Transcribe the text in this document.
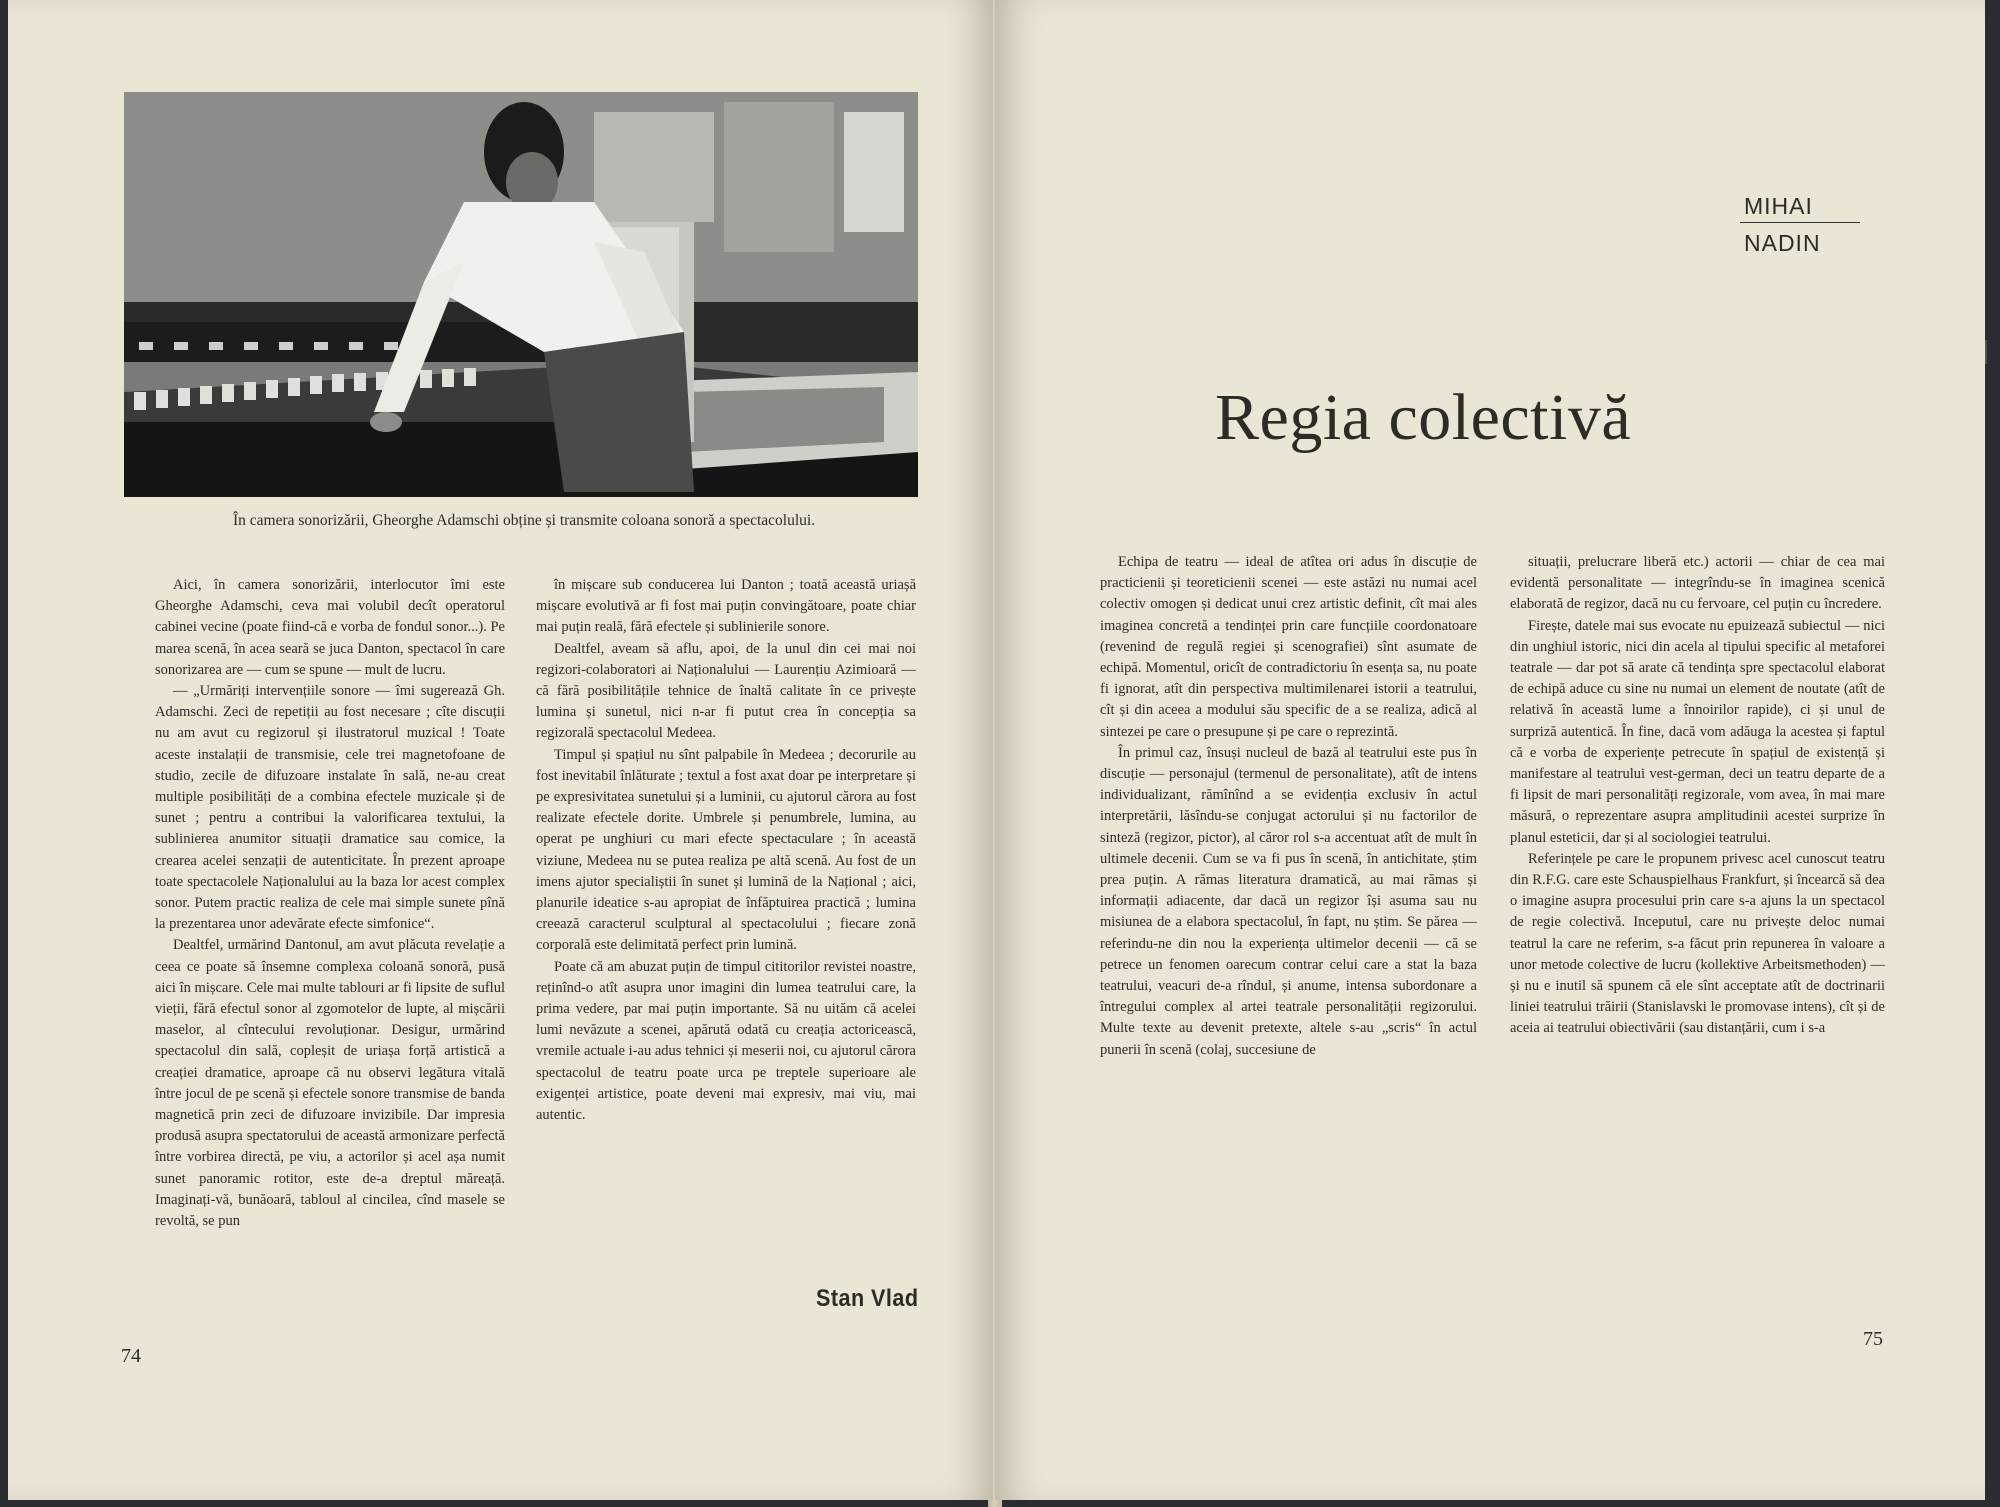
În camera sonorizării, Gheorghe Adamschi obține și transmite coloana sonoră a spectacolului.

Aici, în camera sonorizării, interlocutor îmi este Gheorghe Adamschi, ceva mai volubil decît operatorul cabinei vecine (poate fiind-că e vorba de fondul sonor...). Pe marea scenă, în acea seară se juca Danton, spectacol în care sonorizarea are — cum se spune — mult de lucru.

— „Urmăriți intervențiile sonore — îmi sugerează Gh. Adamschi. Zeci de repetiții au fost necesare ; cîte discuții nu am avut cu regizorul și ilustratorul muzical ! Toate aceste instalații de transmisie, cele trei magnetofoane de studio, zecile de difuzoare instalate în sală, ne-au creat multiple posibilități de a combina efectele muzicale și de sunet ; pentru a contribui la valorificarea textului, la sublinierea anumitor situații dramatice sau comice, la crearea acelei senzații de autenticitate. În prezent aproape toate spectacolele Naționalului au la baza lor acest complex sonor. Putem practic realiza de cele mai simple sunete pînă la prezentarea unor adevărate efecte simfonice“.

Dealtfel, urmărind Dantonul, am avut plăcuta revelație a ceea ce poate să însemne complexa coloană sonoră, pusă aici în mișcare. Cele mai multe tablouri ar fi lipsite de suflul vieții, fără efectul sonor al zgomotelor de lupte, al mișcării maselor, al cîntecului revoluționar. Desigur, urmărind spectacolul din sală, copleșit de uriașa forță artistică a creației dramatice, aproape că nu observi legătura vitală între jocul de pe scenă și efectele sonore transmise de banda magnetică prin zeci de difuzoare invizibile. Dar impresia produsă asupra spectatorului de această armonizare perfectă între vorbirea directă, pe viu, a actorilor și acel așa numit sunet panoramic rotitor, este de-a dreptul măreață. Imaginați-vă, bunăoară, tabloul al cincilea, cînd masele se revoltă, se pun

în mișcare sub conducerea lui Danton ; toată această uriașă mișcare evolutivă ar fi fost mai puțin convingătoare, poate chiar mai puțin reală, fără efectele și sublinierile sonore.

Dealtfel, aveam să aflu, apoi, de la unul din cei mai noi regizori-colaboratori ai Naționalului — Laurențiu Azimioară — că fără posibilitățile tehnice de înaltă calitate în ce privește lumina și sunetul, nici n-ar fi putut crea în concepția sa regizorală spectacolul Medeea.

Timpul și spațiul nu sînt palpabile în Medeea ; decorurile au fost inevitabil înlăturate ; textul a fost axat doar pe interpretare și pe expresivitatea sunetului și a luminii, cu ajutorul cărora au fost realizate efectele dorite. Umbrele și penumbrele, lumina, au operat pe unghiuri cu mari efecte spectaculare ; în această viziune, Medeea nu se putea realiza pe altă scenă. Au fost de un imens ajutor specialiștii în sunet și lumină de la Național ; aici, planurile ideatice s-au apropiat de înfăptuirea practică ; lumina creează caracterul sculptural al spectacolului ; fiecare zonă corporală este delimitată perfect prin lumină.

Poate că am abuzat puțin de timpul cititorilor revistei noastre, reținînd-o atît asupra unor imagini din lumea teatrului care, la prima vedere, par mai puțin importante. Să nu uităm că acelei lumi nevăzute a scenei, apărută odată cu creația actoricească, vremile actuale i-au adus tehnici și meserii noi, cu ajutorul cărora spectacolul de teatru poate urca pe treptele superioare ale exigenței artistice, poate deveni mai expresiv, mai viu, mai autentic.

Stan Vlad
74
MIHAI
NADIN
Regia colectivă

Echipa de teatru — ideal de atîtea ori adus în discuție de practicienii și teoreticienii scenei — este astăzi nu numai acel colectiv omogen și dedicat unui crez artistic definit, cît mai ales imaginea concretă a tendinței prin care funcțiile coordonatoare (revenind de regulă regiei și scenografiei) sînt asumate de echipă. Momentul, oricît de contradictoriu în esența sa, nu poate fi ignorat, atît din perspectiva multimilenarei istorii a teatrului, cît și din aceea a modului său specific de a se realiza, adică al sintezei pe care o presupune și pe care o reprezintă.

În primul caz, însuși nucleul de bază al teatrului este pus în discuție — personajul (termenul de personalitate), atît de intens individualizant, rămînînd a se evidenția exclusiv în actul interpretării, lăsîndu-se conjugat actorului și nu factorilor de sinteză (regizor, pictor), al căror rol s-a accentuat atît de mult în ultimele decenii. Cum se va fi pus în scenă, în antichitate, știm prea puțin. A rămas literatura dramatică, au mai rămas și informații adiacente, dar dacă un regizor își asuma sau nu misiunea de a elabora spectacolul, în fapt, nu știm. Se părea — referindu-ne din nou la experiența ultimelor decenii — că se petrece un fenomen oarecum contrar celui care a stat la baza teatrului, veacuri de-a rîndul, și anume, intensa subordonare a întregului complex al artei teatrale personalității regizorului. Multe texte au devenit pretexte, altele s-au „scris“ în actul punerii în scenă (colaj, succesiune de

situații, prelucrare liberă etc.) actorii — chiar de cea mai evidentă personalitate — integrîndu-se în imaginea scenică elaborată de regizor, dacă nu cu fervoare, cel puțin cu încredere.

Firește, datele mai sus evocate nu epuizează subiectul — nici din unghiul istoric, nici din acela al tipului specific al metaforei teatrale — dar pot să arate că tendința spre spectacolul elaborat de echipă aduce cu sine nu numai un element de noutate (atît de relativă în această lume a înnoirilor rapide), ci și unul de surpriză autentică. În fine, dacă vom adăuga la acestea și faptul că e vorba de experiențe petrecute în spațiul de existență și manifestare al teatrului vest-german, deci un teatru departe de a fi lipsit de mari personalități regizorale, vom avea, în mai mare măsură, o reprezentare asupra amplitudinii acestei surprize în planul esteticii, dar și al sociologiei teatrului.

Referințele pe care le propunem privesc acel cunoscut teatru din R.F.G. care este Schauspielhaus Frankfurt, și încearcă să dea o imagine asupra procesului prin care s-a ajuns la un spectacol de regie colectivă. Inceputul, care nu privește deloc numai teatrul la care ne referim, s-a făcut prin repunerea în valoare a unor metode colective de lucru (kollektive Arbeitsmethoden) — și nu e inutil să spunem că ele sînt acceptate atît de doctrinarii liniei teatrului trăirii (Stanislavski le promovase intens), cît și de aceia ai teatrului obiectivării (sau distanțării, cum i s-a

75
